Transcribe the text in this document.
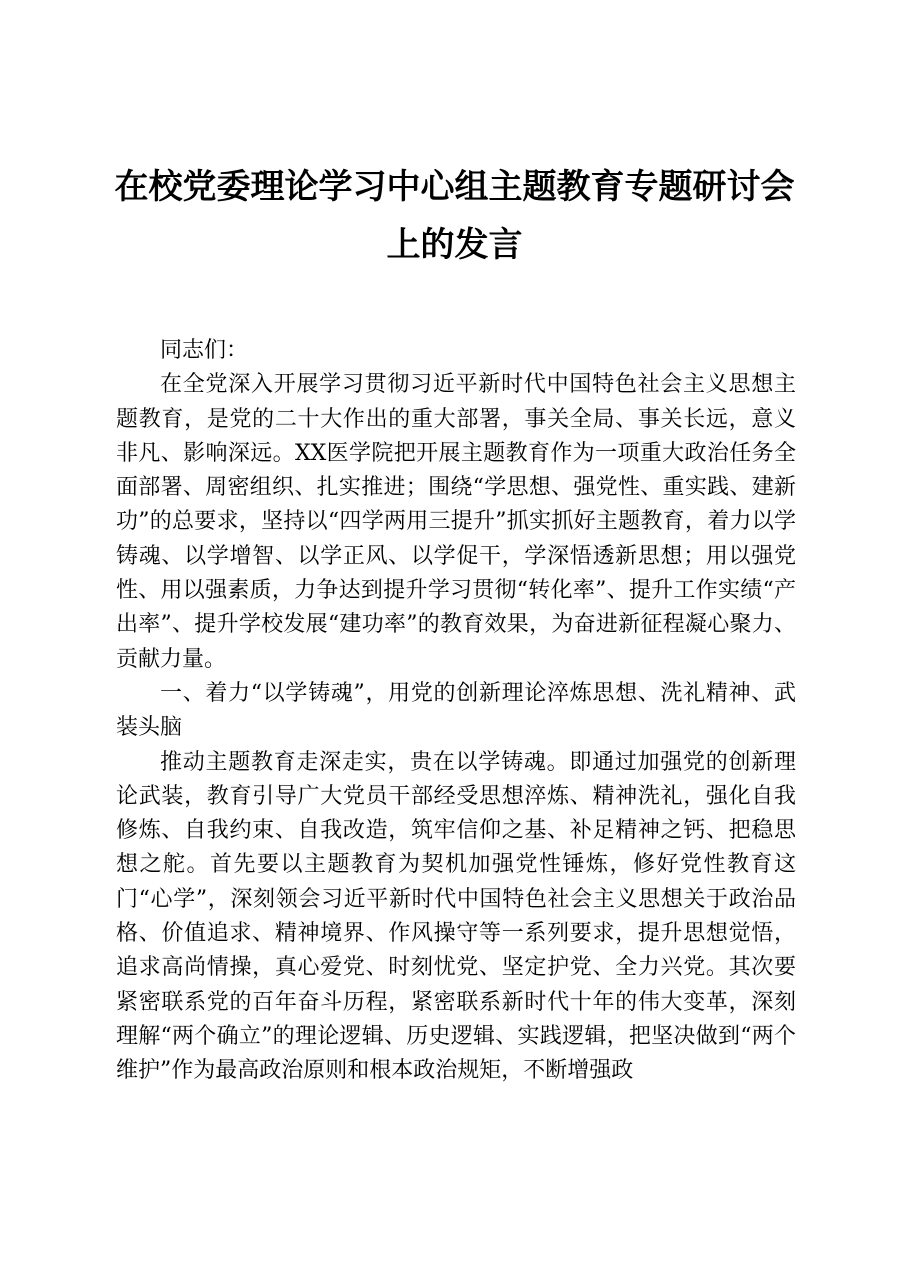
在校党委理论学习中心组主题教育专题研讨会上的发言

同志们：

在全党深入开展学习贯彻习近平新时代中国特色社会主义思想主题教育，是党的二十大作出的重大部署，事关全局、事关长远，意义非凡、影响深远。XX医学院把开展主题教育作为一项重大政治任务全面部署、周密组织、扎实推进；围绕“学思想、强党性、重实践、建新功”的总要求，坚持以“四学两用三提升”抓实抓好主题教育，着力以学铸魂、以学增智、以学正风、以学促干，学深悟透新思想；用以强党性、用以强素质，力争达到提升学习贯彻“转化率”、提升工作实绩“产出率”、提升学校发展“建功率”的教育效果，为奋进新征程凝心聚力、贡献力量。

一、着力“以学铸魂”，用党的创新理论淬炼思想、洗礼精神、武装头脑

推动主题教育走深走实，贵在以学铸魂。即通过加强党的创新理论武装，教育引导广大党员干部经受思想淬炼、精神洗礼，强化自我修炼、自我约束、自我改造，筑牢信仰之基、补足精神之钙、把稳思想之舵。首先要以主题教育为契机加强党性锤炼，修好党性教育这门“心学”，深刻领会习近平新时代中国特色社会主义思想关于政治品格、价值追求、精神境界、作风操守等一系列要求，提升思想觉悟，追求高尚情操，真心爱党、时刻忧党、坚定护党、全力兴党。其次要紧密联系党的百年奋斗历程，紧密联系新时代十年的伟大变革，深刻理解“两个确立”的理论逻辑、历史逻辑、实践逻辑，把坚决做到“两个维护”作为最高政治原则和根本政治规矩，不断增强政
